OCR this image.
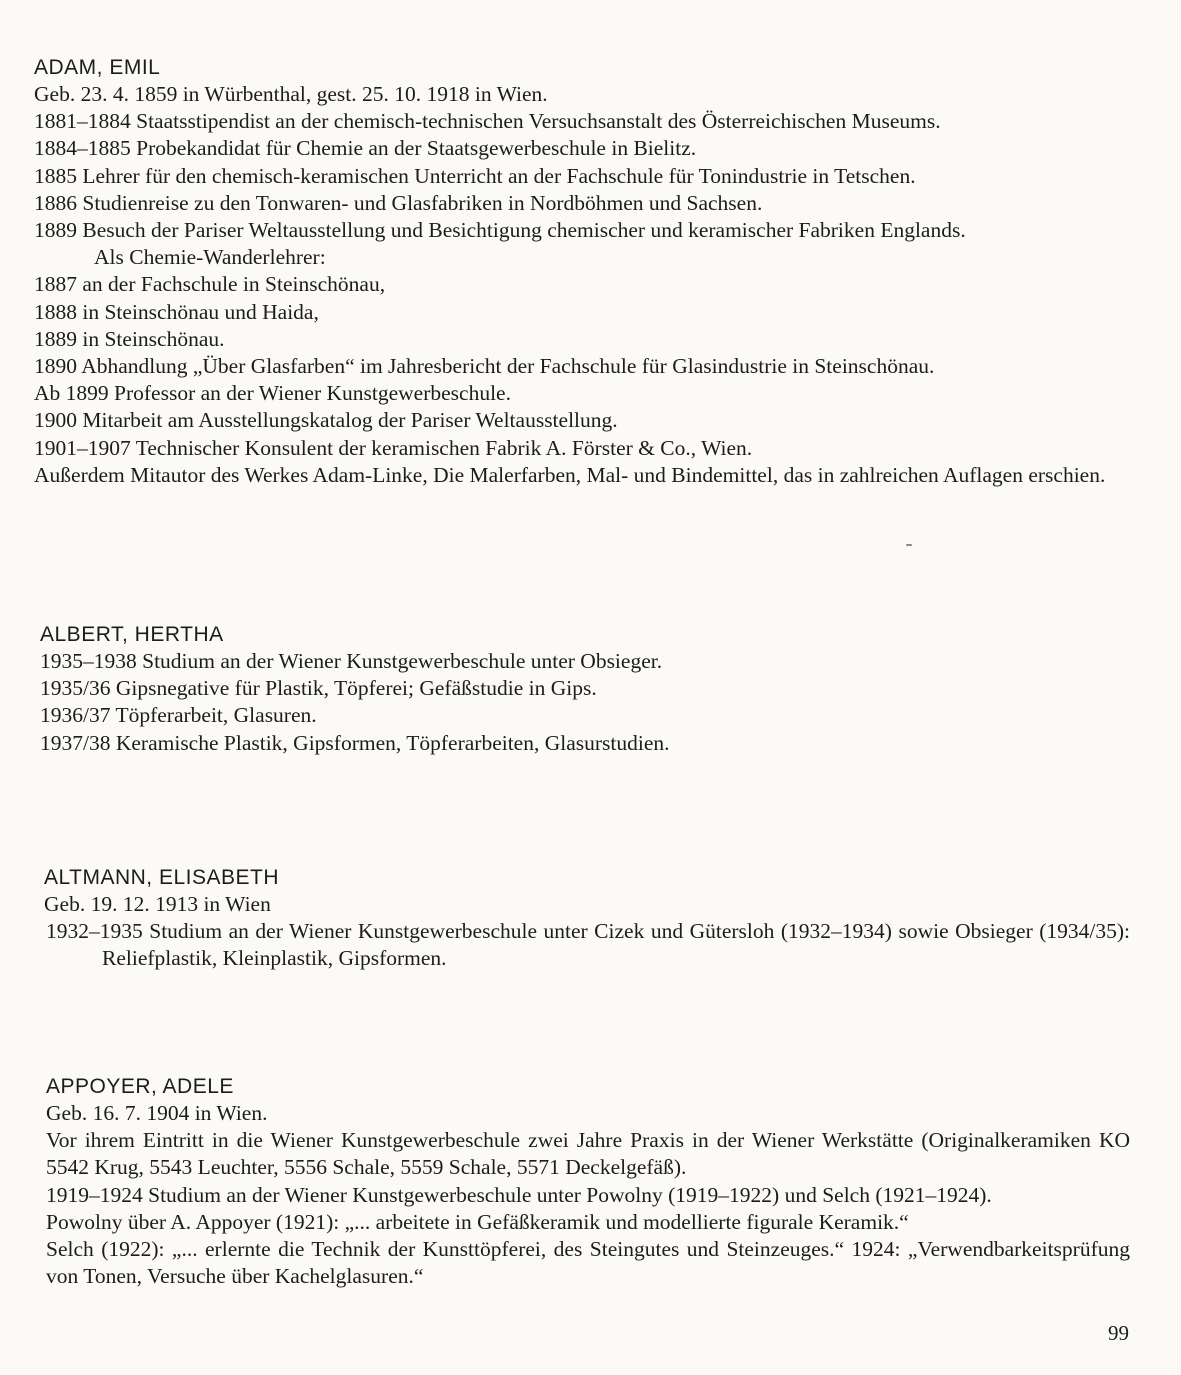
ADAM, EMIL
Geb. 23. 4. 1859 in Würbenthal, gest. 25. 10. 1918 in Wien.
1881–1884 Staatsstipendist an der chemisch-technischen Versuchsanstalt des Österreichischen Museums.
1884–1885 Probekandidat für Chemie an der Staatsgewerbeschule in Bielitz.
1885 Lehrer für den chemisch-keramischen Unterricht an der Fachschule für Tonindustrie in Tetschen.
1886 Studienreise zu den Tonwaren- und Glasfabriken in Nordböhmen und Sachsen.
1889 Besuch der Pariser Weltausstellung und Besichtigung chemischer und keramischer Fabriken Englands.
Als Chemie-Wanderlehrer:
1887 an der Fachschule in Steinschönau,
1888 in Steinschönau und Haida,
1889 in Steinschönau.
1890 Abhandlung „Über Glasfarben“ im Jahresbericht der Fachschule für Glasindustrie in Steinschönau.
Ab 1899 Professor an der Wiener Kunstgewerbeschule.
1900 Mitarbeit am Ausstellungskatalog der Pariser Weltausstellung.
1901–1907 Technischer Konsulent der keramischen Fabrik A. Förster & Co., Wien.
Außerdem Mitautor des Werkes Adam-Linke, Die Malerfarben, Mal- und Bindemittel, das in zahlreichen Auflagen erschien.
ALBERT, HERTHA
1935–1938 Studium an der Wiener Kunstgewerbeschule unter Obsieger.
1935/36 Gipsnegative für Plastik, Töpferei; Gefäßstudie in Gips.
1936/37 Töpferarbeit, Glasuren.
1937/38 Keramische Plastik, Gipsformen, Töpferarbeiten, Glasurstudien.
ALTMANN, ELISABETH
Geb. 19. 12. 1913 in Wien
1932–1935 Studium an der Wiener Kunstgewerbeschule unter Cizek und Gütersloh (1932–1934) sowie Obsieger (1934/35): Reliefplastik, Kleinplastik, Gipsformen.
APPOYER, ADELE
Geb. 16. 7. 1904 in Wien.
Vor ihrem Eintritt in die Wiener Kunstgewerbeschule zwei Jahre Praxis in der Wiener Werkstätte (Originalkeramiken KO 5542 Krug, 5543 Leuchter, 5556 Schale, 5559 Schale, 5571 Deckelgefäß).
1919–1924 Studium an der Wiener Kunstgewerbeschule unter Powolny (1919–1922) und Selch (1921–1924).
Powolny über A. Appoyer (1921): „... arbeitete in Gefäßkeramik und modellierte figurale Keramik.“
Selch (1922): „... erlernte die Technik der Kunsttöpferei, des Steingutes und Steinzeuges.“ 1924: „Verwendbarkeitsprüfung von Tonen, Versuche über Kachelglasuren.“
99
